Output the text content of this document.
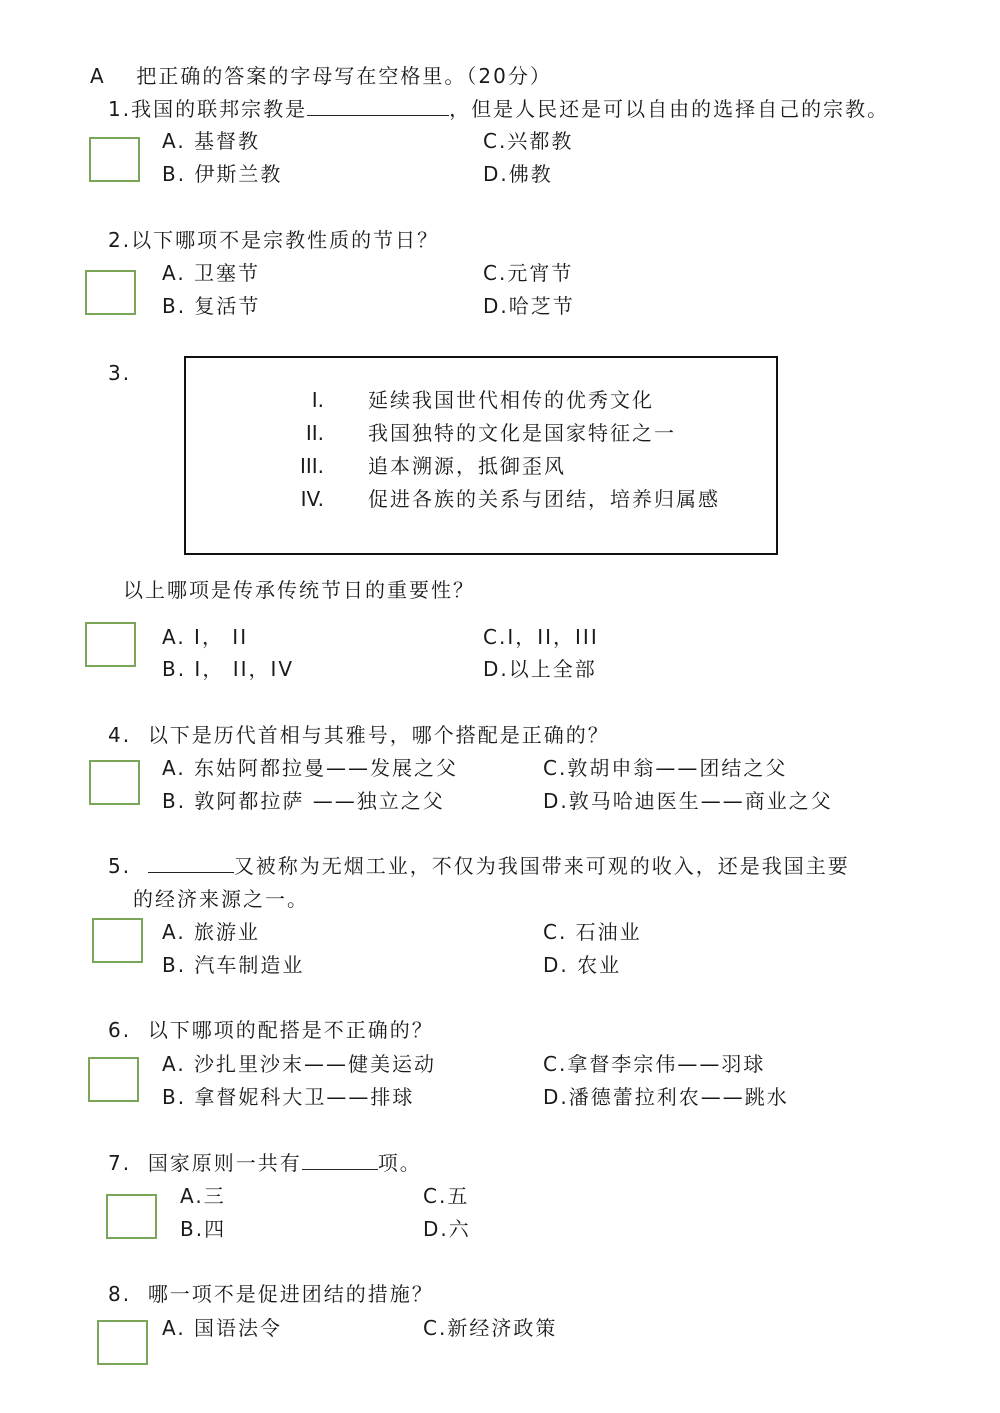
A 把正确的答案的字母写在空格里。（20分）
1.我国的联邦宗教是	，但是人民还是可以自由的选择自己的宗教。
A. 基督教
B. 伊斯兰教
C.兴都教
D.佛教
2.以下哪项不是宗教性质的节日？
A. 卫塞节
B. 复活节
C.元宵节
D.哈芝节
3.
I. 延续我国世代相传的优秀文化
II. 我国独特的文化是国家特征之一
III. 追本溯源，抵御歪风
IV. 促进各族的关系与团结，培养归属感
以上哪项是传承传统节日的重要性？
A. I， II
B. I， II，IV
C.I，II，III
D.以上全部
4. 以下是历代首相与其雅号，哪个搭配是正确的？
A. 东姑阿都拉曼——发展之父
B. 敦阿都拉萨 ——独立之父
C.敦胡申翁——团结之父
D.敦马哈迪医生——商业之父
5.	又被称为无烟工业，不仅为我国带来可观的收入，还是我国主要
的经济来源之一。
A. 旅游业
B. 汽车制造业
C. 石油业
D. 农业
6. 以下哪项的配搭是不正确的？
A. 沙扎里沙末——健美运动
B. 拿督妮科大卫——排球
C.拿督李宗伟——羽球
D.潘德蕾拉利农——跳水
7. 国家原则一共有	项。
A.三
B.四
C.五
D.六
8. 哪一项不是促进团结的措施？
A. 国语法令	C.新经济政策
